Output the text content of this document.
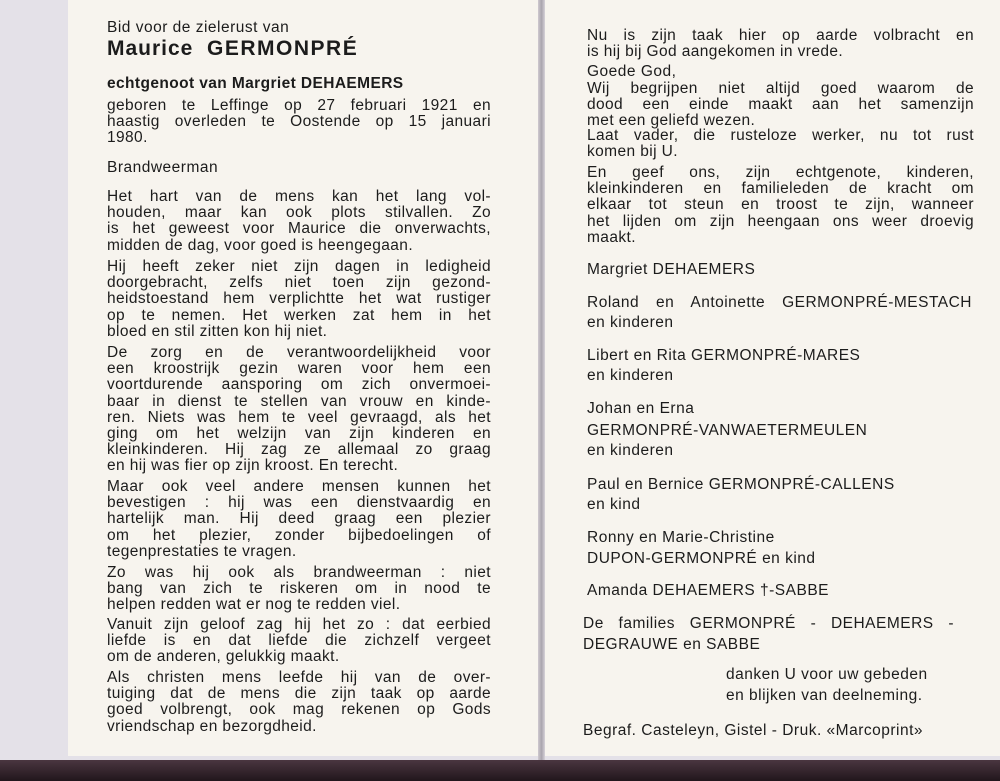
Bid voor de zielerust van

Maurice GERMONPRÉ

echtgenoot van Margriet DEHAEMERS

geboren te Leffinge op 27 februari 1921 en
haastig overleden te Oostende op 15 januari
1980.

Brandweerman

Het hart van de mens kan het lang vol-
houden, maar kan ook plots stilvallen. Zo
is het geweest voor Maurice die onverwachts,
midden de dag, voor goed is heengegaan.
Hij heeft zeker niet zijn dagen in ledigheid
doorgebracht, zelfs niet toen zijn gezond-
heidstoestand hem verplichtte het wat rustiger
op te nemen. Het werken zat hem in het
bloed en stil zitten kon hij niet.
De zorg en de verantwoordelijkheid voor
een kroostrijk gezin waren voor hem een
voortdurende aansporing om zich onvermoei-
baar in dienst te stellen van vrouw en kinde-
ren. Niets was hem te veel gevraagd, als het
ging om het welzijn van zijn kinderen en
kleinkinderen. Hij zag ze allemaal zo graag
en hij was fier op zijn kroost. En terecht.
Maar ook veel andere mensen kunnen het
bevestigen : hij was een dienstvaardig en
hartelijk man. Hij deed graag een plezier
om het plezier, zonder bijbedoelingen of
tegenprestaties te vragen.
Zo was hij ook als brandweerman : niet
bang van zich te riskeren om in nood te
helpen redden wat er nog te redden viel.
Vanuit zijn geloof zag hij het zo : dat eerbied
liefde is en dat liefde die zichzelf vergeet
om de anderen, gelukkig maakt.
Als christen mens leefde hij van de over-
tuiging dat de mens die zijn taak op aarde
goed volbrengt, ook mag rekenen op Gods
vriendschap en bezorgdheid.
Nu is zijn taak hier op aarde volbracht en
is hij bij God aangekomen in vrede.

Goede God,

Wij begrijpen niet altijd goed waarom de
dood een einde maakt aan het samenzijn
met een geliefd wezen.
Laat vader, die rusteloze werker, nu tot rust
komen bij U.
En geef ons, zijn echtgenote, kinderen,
kleinkinderen en familieleden de kracht om
elkaar tot steun en troost te zijn, wanneer
het lijden om zijn heengaan ons weer droevig
maakt.

Margriet DEHAEMERS

Roland en Antoinette GERMONPRÉ-MESTACH

en kinderen

Libert en Rita GERMONPRÉ-MARES

en kinderen

Johan en Erna

GERMONPRÉ-VANWAETERMEULEN

en kinderen

Paul en Bernice GERMONPRÉ-CALLENS

en kind

Ronny en Marie-Christine

DUPON-GERMONPRÉ en kind

Amanda DEHAEMERS †-SABBE

De families GERMONPRÉ - DEHAEMERS -

DEGRAUWE en SABBE

danken U voor uw gebeden

en blijken van deelneming.

Begraf. Casteleyn, Gistel - Druk. «Marcoprint»
